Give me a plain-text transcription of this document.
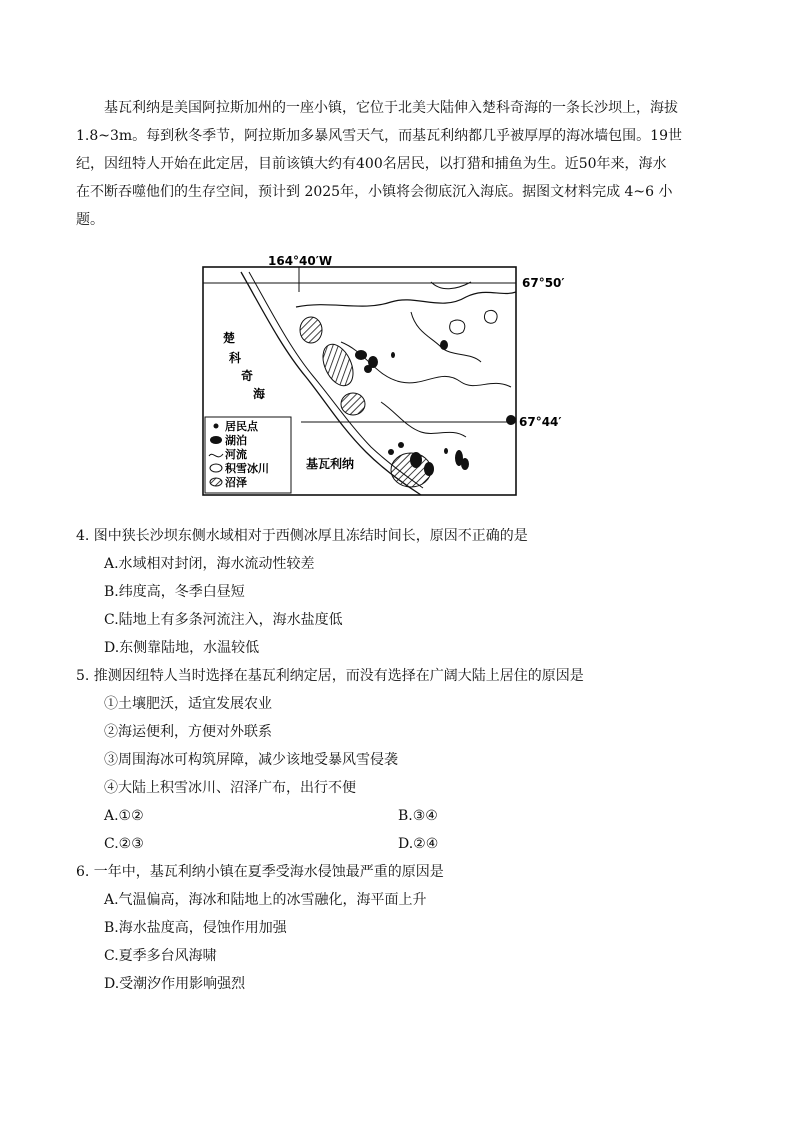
基瓦利纳是美国阿拉斯加州的一座小镇，它位于北美大陆伸入楚科奇海的一条长沙坝上，海拔
1.8~3m。每到秋冬季节，阿拉斯加多暴风雪天气，而基瓦利纳都几乎被厚厚的海冰墙包围。19世
纪，因纽特人开始在此定居，目前该镇大约有400名居民，以打猎和捕鱼为生。近50年来，海水
在不断吞噬他们的生存空间，预计到 2025年，小镇将会彻底沉入海底。据图文材料完成 4~6 小
题。
164°40′W
67°50′
67°44′
楚
科
奇
海
基瓦利纳
居民点
湖泊
河流
积雪冰川
沼泽
4. 图中狭长沙坝东侧水域相对于西侧冰厚且冻结时间长，原因不正确的是
A.水域相对封闭，海水流动性较差
B.纬度高，冬季白昼短
C.陆地上有多条河流注入，海水盐度低
D.东侧靠陆地，水温较低
5. 推测因纽特人当时选择在基瓦利纳定居，而没有选择在广阔大陆上居住的原因是
①土壤肥沃，适宜发展农业
②海运便利，方便对外联系
③周围海冰可构筑屏障，减少该地受暴风雪侵袭
④大陆上积雪冰川、沼泽广布，出行不便
A.①②	B.③④
C.②③	D.②④
6. 一年中，基瓦利纳小镇在夏季受海水侵蚀最严重的原因是
A.气温偏高，海冰和陆地上的冰雪融化，海平面上升
B.海水盐度高，侵蚀作用加强
C.夏季多台风海啸
D.受潮汐作用影响强烈
